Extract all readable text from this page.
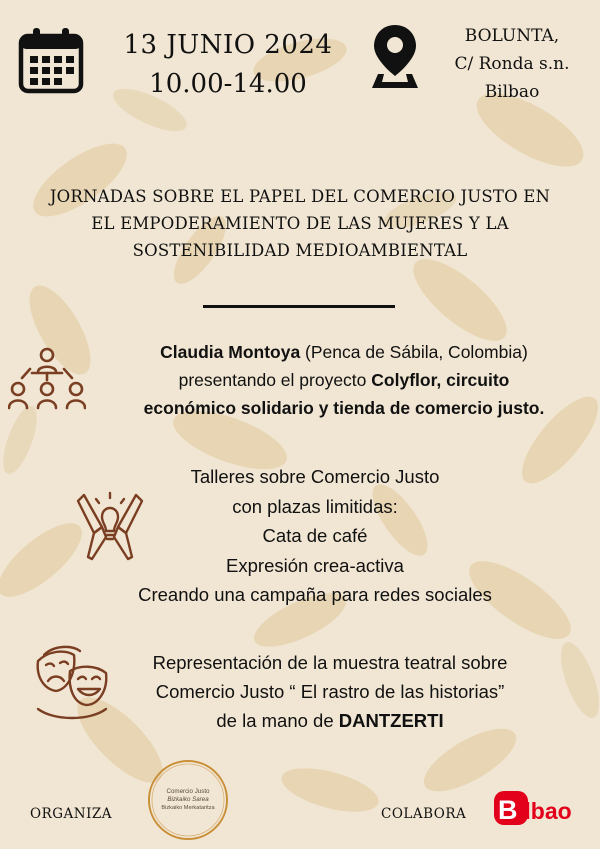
13 JUNIO 2024
10.00-14.00
BOLUNTA,
C/ Ronda s.n.
Bilbao
JORNADAS SOBRE EL PAPEL DEL COMERCIO JUSTO EN
EL EMPODERAMIENTO DE LAS MUJERES Y LA
SOSTENIBILIDAD MEDIOAMBIENTAL
Claudia Montoya (Penca de Sábila, Colombia)
presentando el proyecto Colyflor, circuito
económico solidario y tienda de comercio justo.
Talleres sobre Comercio Justo
con plazas limitidas:
Cata de café
Expresión crea-activa
Creando una campaña para redes sociales
Representación de la muestra teatral sobre
Comercio Justo “ El rastro de las historias”
de la mano de DANTZERTI
ORGANIZA
Comercio Justo
Bizkaiko Sarea
Bizkaiko Merkataritza	COLABORA B ilbao
